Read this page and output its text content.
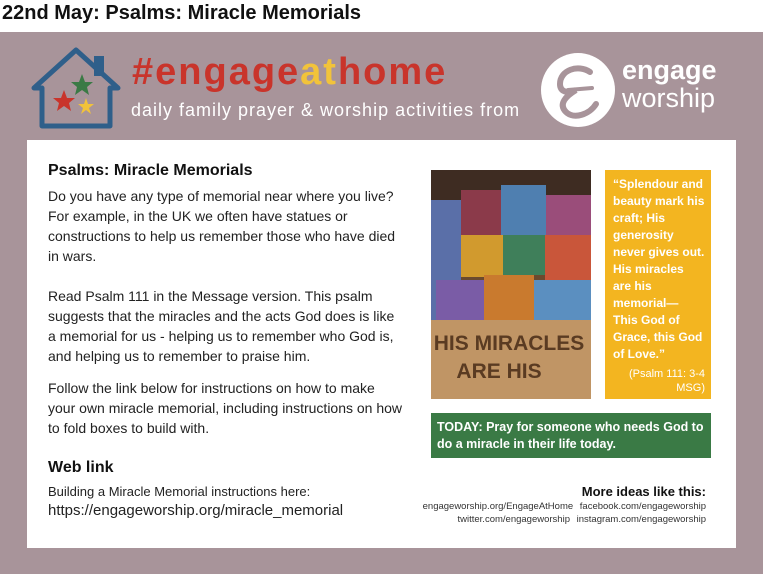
22nd May: Psalms: Miracle Memorials
#engageathome
daily family prayer & worship activities from
engage
worship
Psalms: Miracle Memorials

Do you have any type of memorial near where you live? For example, in the UK we often have statues or constructions to help us remember those who have died in wars.

Read Psalm 111 in the Message version. This psalm suggests that the miracles and the acts God does is like a memorial for us - helping us to remember who God is, and helping us to remember to praise him.

Follow the link below for instructions on how to make your own miracle memorial, including instructions on how to fold boxes to build with.

Web link
Building a Miracle Memorial instructions here:
https://engageworship.org/miracle_memorial
HIS MIRACLES
ARE HIS

“Splendour and beauty mark his craft; His generosity never gives out. His miracles are his memorial— This God of Grace, this God of Love.”

(Psalm 111: 3-4 MSG)

TODAY: Pray for someone who needs God to do a miracle in their life today.
More ideas like this:
engageworship.org/EngageAtHome facebook.com/engageworship
twitter.com/engageworship instagram.com/engageworship
